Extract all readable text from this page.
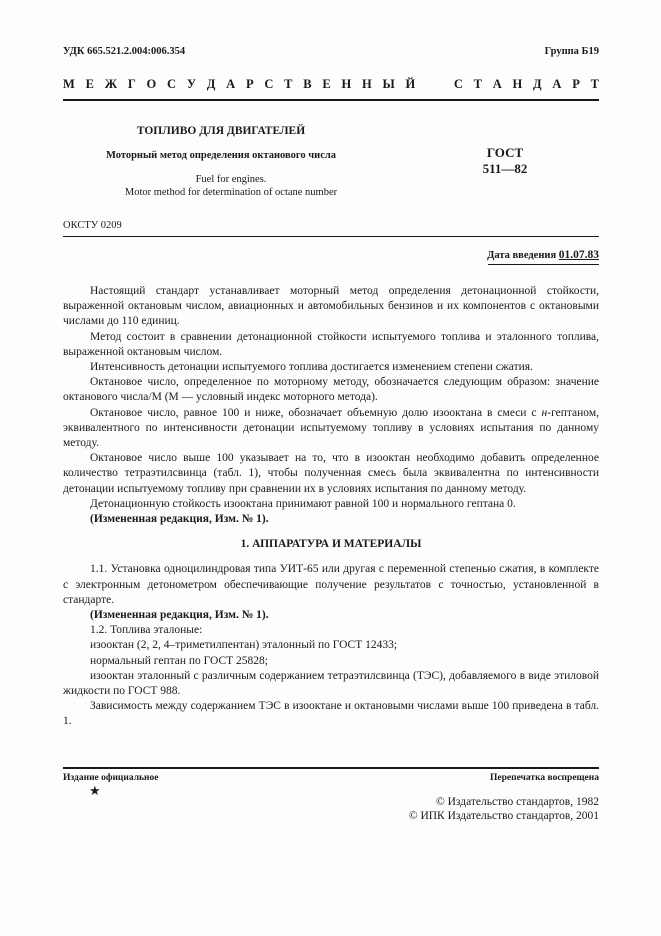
УДК 665.521.2.004:006.354	Группа Б19
М Е Ж Г О С У Д А Р С Т В Е Н Н Ы Й

	С Т А Н Д А Р Т
ТОПЛИВО ДЛЯ ДВИГАТЕЛЕЙ
Моторный метод определения октанового числа
Fuel for engines.
Motor method for determination of octane number
ГОСТ
511—82
ОКСТУ 0209
Дата введения 01.07.83

Настоящий стандарт устанавливает моторный метод определения детонационной стойкости, выраженной октановым числом, авиационных и автомобильных бензинов и их компонентов с октановыми числами до 110 единиц.

Метод состоит в сравнении детонационной стойкости испытуемого топлива и эталонного топлива, выраженной октановым числом.

Интенсивность детонации испытуемого топлива достигается изменением степени сжатия.

Октановое число, определенное по моторному методу, обозначается следующим образом: значение октанового числа/М (М — условный индекс моторного метода).

Октановое число, равное 100 и ниже, обозначает объемную долю изооктана в смеси с н-гептаном, эквивалентного по интенсивности детонации испытуемому топливу в условиях испытания по данному методу.

Октановое число выше 100 указывает на то, что в изооктан необходимо добавить определенное количество тетраэтилсвинца (табл. 1), чтобы полученная смесь была эквивалентна по интенсивности детонации испытуемому топливу при сравнении их в условиях испытания по данному методу.

Детонационную стойкость изооктана принимают равной 100 и нормального гептана 0.

(Измененная редакция, Изм. № 1).

1. АППАРАТУРА И МАТЕРИАЛЫ

1.1. Установка одноцилиндровая типа УИТ-65 или другая с переменной степенью сжатия, в комплекте с электронным детонометром обеспечивающие получение результатов с точностью, установленной в стандарте.

(Измененная редакция, Изм. № 1).

1.2. Топлива эталоные:

изооктан (2, 2, 4–триметилпентан) эталонный по ГОСТ 12433;

нормальный гептан по ГОСТ 25828;

изооктан эталонный с различным содержанием тетраэтилсвинца (ТЭС), добавляемого в виде этиловой жидкости по ГОСТ 988.

Зависимость между содержанием ТЭС в изооктане и октановыми числами выше 100 приведена в табл. 1.

Издание официальное	Перепечатка воспрещена
★
© Издательство стандартов, 1982
© ИПК Издательство стандартов, 2001
